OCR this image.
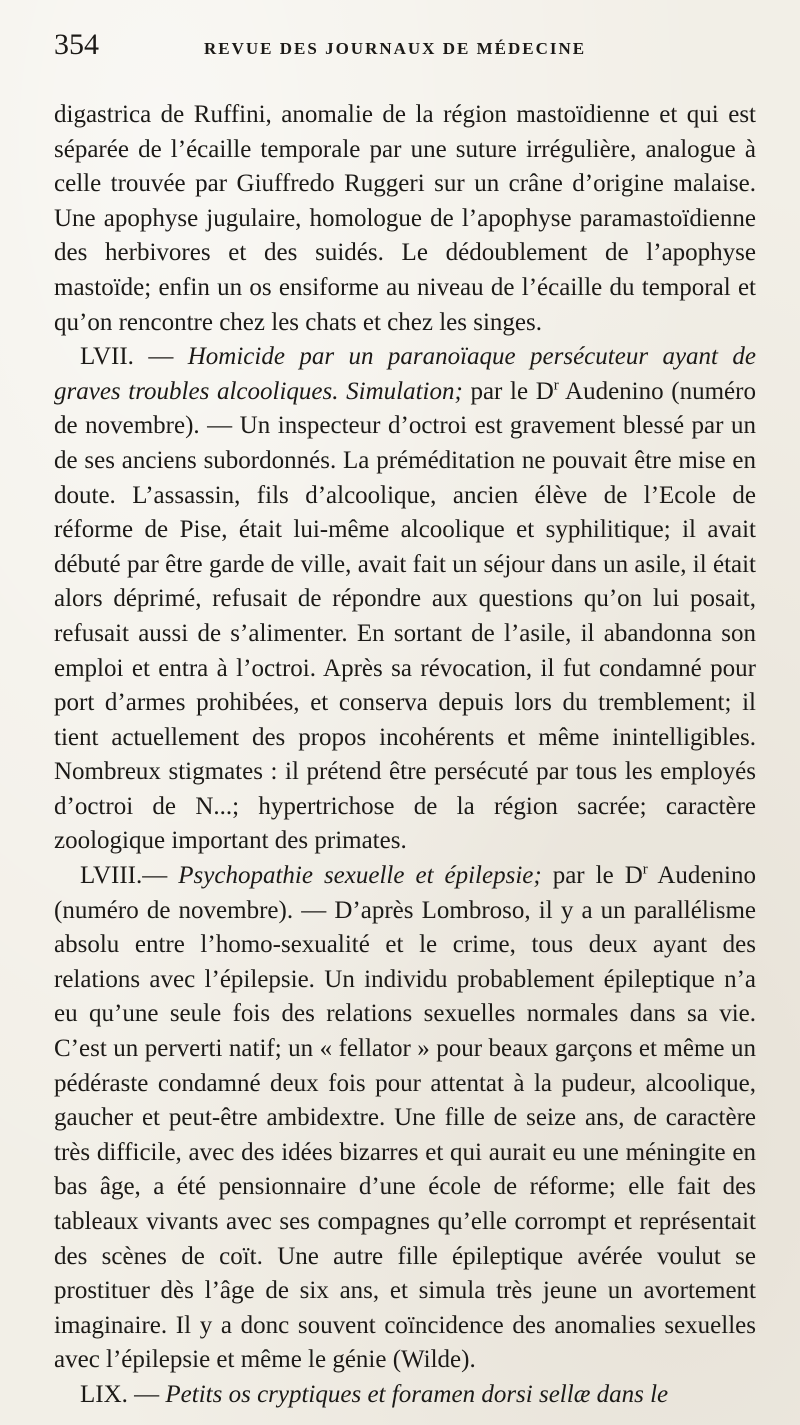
354	REVUE DES JOURNAUX DE MÉDECINE

digastrica de Ruffini, anomalie de la région mastoïdienne et qui est séparée de l’écaille temporale par une suture irrégulière, analogue à celle trouvée par Giuffredo Ruggeri sur un crâne d’origine malaise. Une apophyse jugulaire, homologue de l’apophyse paramastoïdienne des herbivores et des suidés. Le dédoublement de l’apophyse mastoïde; enfin un os ensiforme au niveau de l’écaille du temporal et qu’on rencontre chez les chats et chez les singes.

LVII. — Homicide par un paranoïaque persécuteur ayant de graves troubles alcooliques. Simulation; par le $D^r$ Audenino (numéro de novembre). — Un inspecteur d’octroi est gravement blessé par un de ses anciens subordonnés. La préméditation ne pouvait être mise en doute. L’assassin, fils d’alcoolique, ancien élève de l’Ecole de réforme de Pise, était lui-même alcoolique et syphilitique; il avait débuté par être garde de ville, avait fait un séjour dans un asile, il était alors déprimé, refusait de répondre aux questions qu’on lui posait, refusait aussi de s’alimenter. En sortant de l’asile, il abandonna son emploi et entra à l’octroi. Après sa révocation, il fut condamné pour port d’armes prohibées, et conserva depuis lors du tremblement; il tient actuellement des propos incohérents et même inintelligibles. Nombreux stigmates : il prétend être persécuté par tous les employés d’octroi de N...; hypertrichose de la région sacrée; caractère zoologique important des primates.

LVIII.— Psychopathie sexuelle et épilepsie; par le $D^r$ Audenino (numéro de novembre). — D’après Lombroso, il y a un parallélisme absolu entre l’homo-sexualité et le crime, tous deux ayant des relations avec l’épilepsie. Un individu probablement épileptique n’a eu qu’une seule fois des relations sexuelles normales dans sa vie. C’est un perverti natif; un « fellator » pour beaux garçons et même un pédéraste condamné deux fois pour attentat à la pudeur, alcoolique, gaucher et peut-être ambidextre. Une fille de seize ans, de caractère très difficile, avec des idées bizarres et qui aurait eu une méningite en bas âge, a été pensionnaire d’une école de réforme; elle fait des tableaux vivants avec ses compagnes qu’elle corrompt et représentait des scènes de coït. Une autre fille épileptique avérée voulut se prostituer dès l’âge de six ans, et simula très jeune un avortement imaginaire. Il y a donc souvent coïncidence des anomalies sexuelles avec l’épilepsie et même le génie (Wilde).

LIX. — Petits os cryptiques et foramen dorsi sellæ dans le
